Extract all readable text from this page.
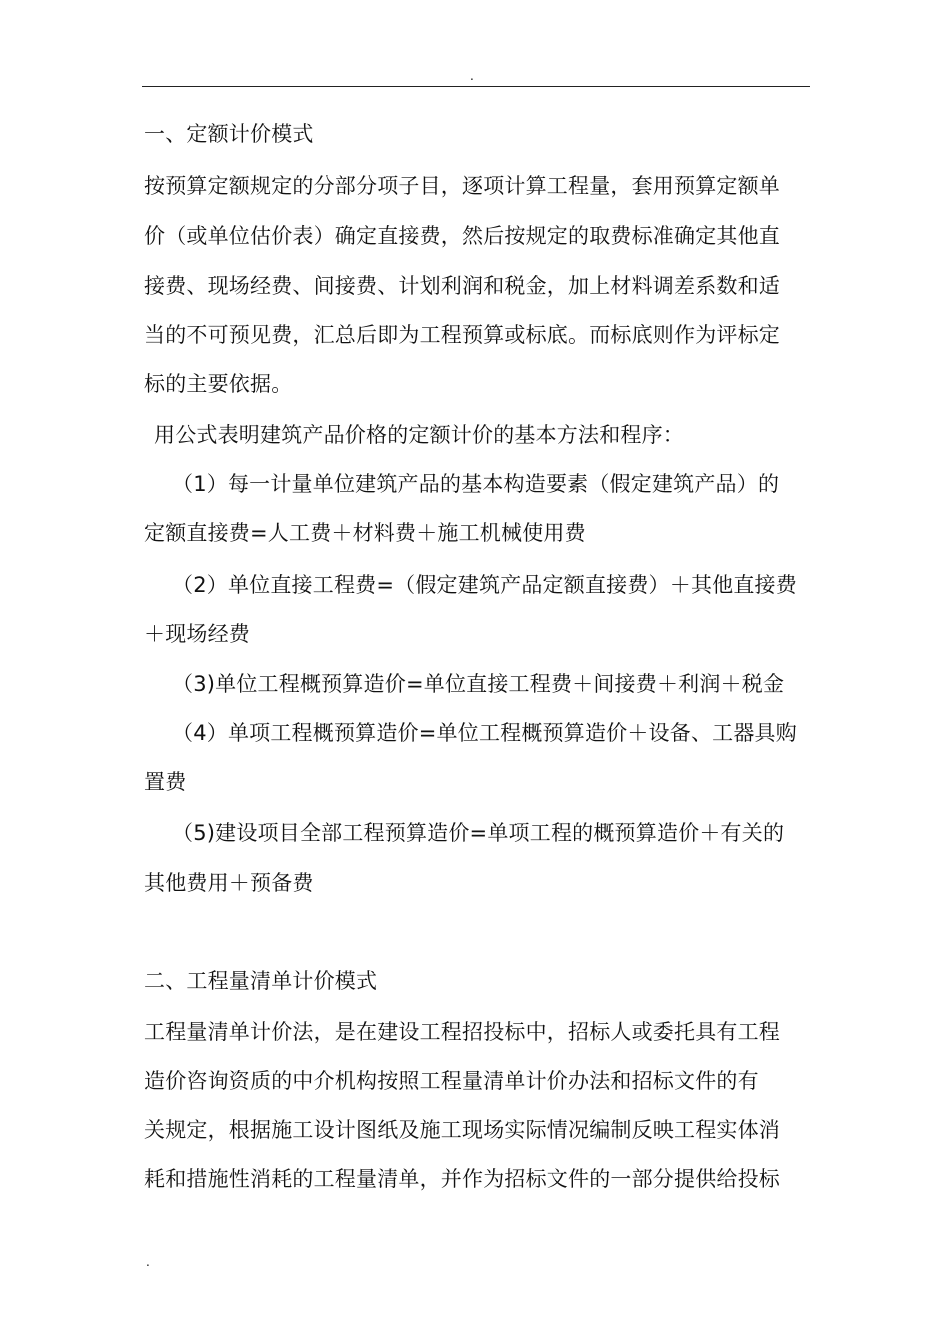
.
一、定额计价模式
按预算定额规定的分部分项子目，逐项计算工程量，套用预算定额单
价（或单位估价表）确定直接费，然后按规定的取费标准确定其他直
接费、现场经费、间接费、计划利润和税金，加上材料调差系数和适
当的不可预见费，汇总后即为工程预算或标底。而标底则作为评标定
标的主要依据。
用公式表明建筑产品价格的定额计价的基本方法和程序：
（1）每一计量单位建筑产品的基本构造要素（假定建筑产品）的
定额直接费=人工费＋材料费＋施工机械使用费
（2）单位直接工程费=（假定建筑产品定额直接费）＋其他直接费
＋现场经费
（3)单位工程概预算造价=单位直接工程费＋间接费＋利润＋税金
（4）单项工程概预算造价=单位工程概预算造价＋设备、工器具购
置费
（5)建设项目全部工程预算造价=单项工程的概预算造价＋有关的
其他费用＋预备费
二、工程量清单计价模式
工程量清单计价法，是在建设工程招投标中，招标人或委托具有工程
造价咨询资质的中介机构按照工程量清单计价办法和招标文件的有
关规定，根据施工设计图纸及施工现场实际情况编制反映工程实体消
耗和措施性消耗的工程量清单，并作为招标文件的一部分提供给投标
.
